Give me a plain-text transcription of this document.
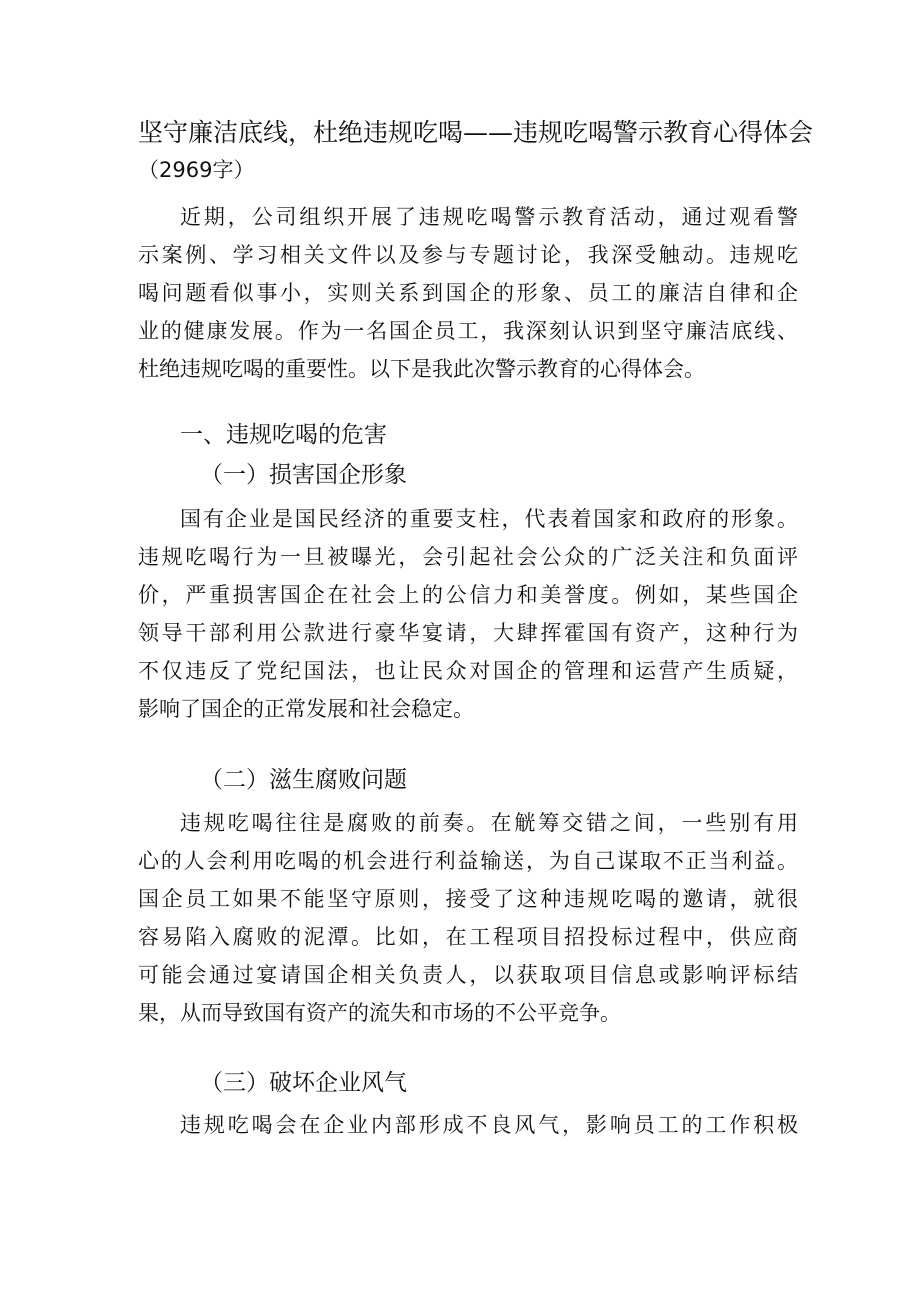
坚守廉洁底线，杜绝违规吃喝——违规吃喝警示教育心得体会
（2969字）
近期，公司组织开展了违规吃喝警示教育活动，通过观看警
示案例、学习相关文件以及参与专题讨论，我深受触动。违规吃
喝问题看似事小，实则关系到国企的形象、员工的廉洁自律和企
业的健康发展。作为一名国企员工，我深刻认识到坚守廉洁底线、
杜绝违规吃喝的重要性。以下是我此次警示教育的心得体会。
一、违规吃喝的危害
（一）损害国企形象
国有企业是国民经济的重要支柱，代表着国家和政府的形象。
违规吃喝行为一旦被曝光，会引起社会公众的广泛关注和负面评
价，严重损害国企在社会上的公信力和美誉度。例如，某些国企
领导干部利用公款进行豪华宴请，大肆挥霍国有资产，这种行为
不仅违反了党纪国法，也让民众对国企的管理和运营产生质疑，
影响了国企的正常发展和社会稳定。
（二）滋生腐败问题
违规吃喝往往是腐败的前奏。在觥筹交错之间，一些别有用
心的人会利用吃喝的机会进行利益输送，为自己谋取不正当利益。
国企员工如果不能坚守原则，接受了这种违规吃喝的邀请，就很
容易陷入腐败的泥潭。比如，在工程项目招投标过程中，供应商
可能会通过宴请国企相关负责人，以获取项目信息或影响评标结
果，从而导致国有资产的流失和市场的不公平竞争。
（三）破坏企业风气
违规吃喝会在企业内部形成不良风气，影响员工的工作积极
